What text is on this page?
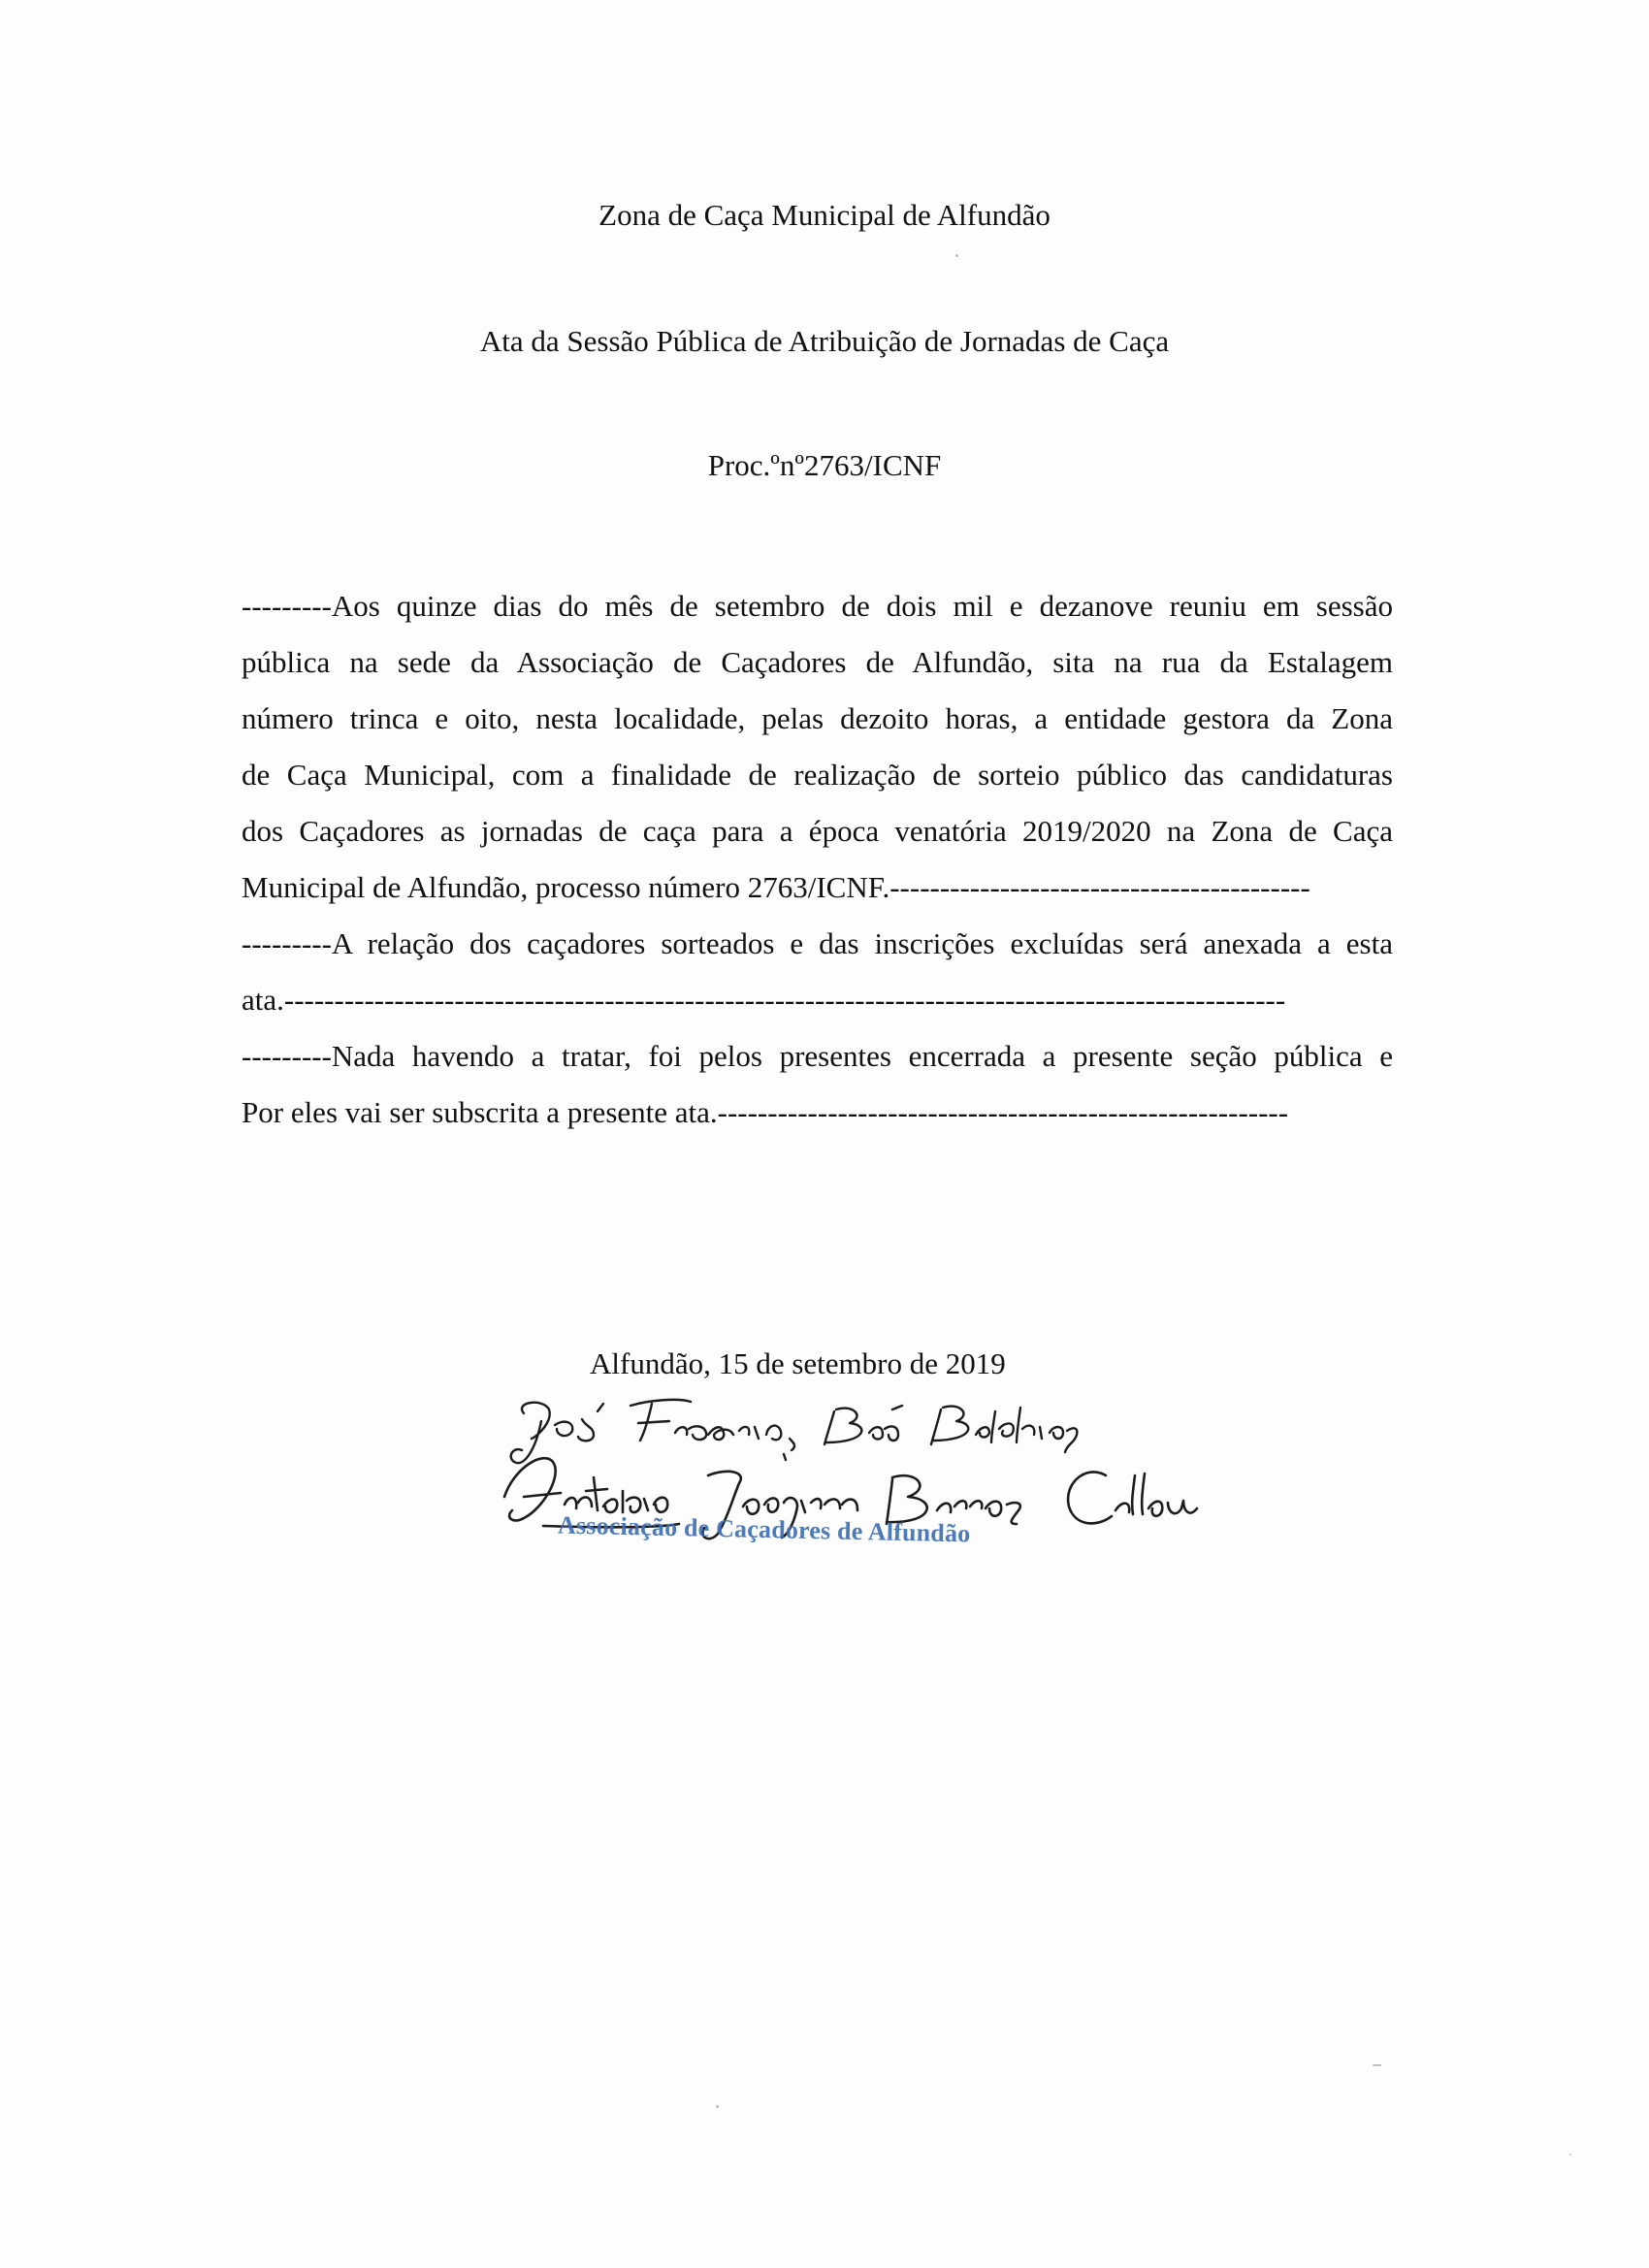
Zona de Caça Municipal de Alfundão

Ata da Sessão Pública de Atribuição de Jornadas de Caça

Proc.ºnº2763/ICNF

---------Aos quinze dias do mês de setembro de dois mil e dezanove reuniu em sessão
pública na sede da Associação de Caçadores de Alfundão, sita na rua da Estalagem
número trinca e oito, nesta localidade, pelas dezoito horas, a entidade gestora da Zona
de Caça Municipal, com a finalidade de realização de sorteio público das candidaturas
dos Caçadores as jornadas de caça para a época venatória 2019/2020 na Zona de Caça
Municipal de Alfundão, processo número 2763/ICNF.------------------------------------------

---------A relação dos caçadores sorteados e das inscrições excluídas será anexada a esta
ata.----------------------------------------------------------------------------------------------------

---------Nada havendo a tratar, foi pelos presentes encerrada a presente seção pública e
Por eles vai ser subscrita a presente ata.---------------------------------------------------------

Alfundão, 15 de setembro de 2019

Associação de Caçadores de Alfundão
